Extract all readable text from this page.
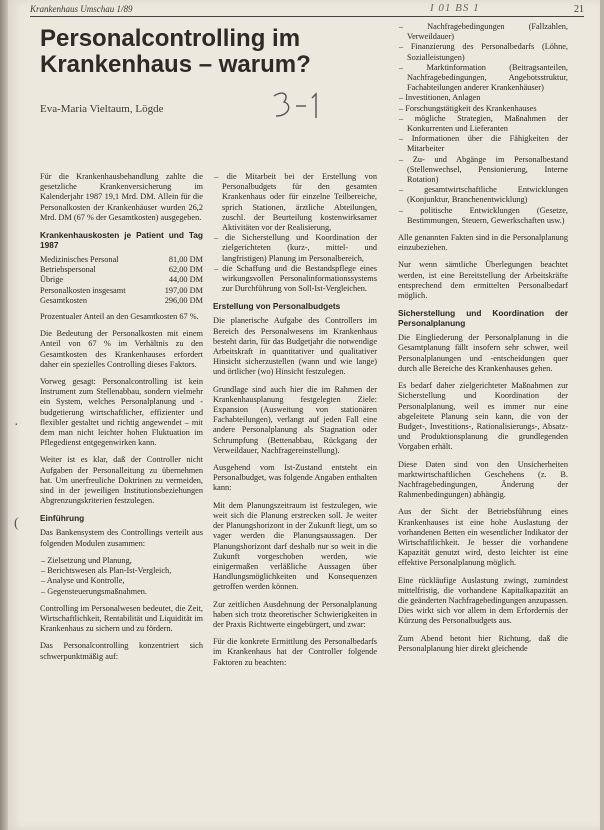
Krankenhaus Umschau 1/89	I 01 BS 1	21
Personalcontrolling im
Krankenhaus – warum?
Eva-Maria Vieltaum, Lögde
(
·

Für die Krankenhausbehandlung zahlte die gesetzliche Krankenversicherung im Kalenderjahr 1987 19,1 Mrd. DM. Allein für die Personalkosten der Krankenhäuser wurden 26,2 Mrd. DM (67 % der Gesamtkosten) ausgegeben.

Krankenhauskosten je Patient und Tag 1987
Medizinisches Personal	81,00 DM
Betriebspersonal	62,00 DM
Übrige	44,00 DM
Personalkosten insgesamt	197,00 DM
Gesamtkosten	296,00 DM

Prozentualer Anteil an den Gesamtkosten 67 %.

Die Bedeutung der Personalkosten mit einem Anteil von 67 % im Verhältnis zu den Gesamtkosten des Krankenhauses erfordert daher ein spezielles Controlling dieses Faktors.

Vorweg gesagt: Personalcontrolling ist kein Instrument zum Stellenabbau, sondern vielmehr ein System, welches Personalplanung und -budgetierung wirtschaftlicher, effizienter und flexibler gestaltet und richtig angewendet – mit dem man nicht leichter hohen Fluktuation im Pflegedienst entgegenwirken kann.

Weiter ist es klar, daß der Controller nicht Aufgaben der Personalleitung zu übernehmen hat. Um unerfreuliche Doktrinen zu vermeiden, sind in der jeweiligen Institutionsbeziehungen Abgrenzungskriterien festzulegen.

Einführung

Das Bankensystem des Controllings verteilt aus folgenden Modulen zusammen:

– Zielsetzung und Planung,
– Berichtswesen als Plan-Ist-Vergleich,
– Analyse und Kontrolle,
– Gegensteuerungsmaßnahmen.

Controlling im Personalwesen bedeutet, die Zeit, Wirtschaftlichkeit, Rentabilität und Liquidität im Krankenhaus zu sichern und zu fördern.

Das Personalcontrolling konzentriert sich schwerpunktmäßig auf:

– die Mitarbeit bei der Erstellung von Personalbudgets für den gesamten Krankenhaus oder für einzelne Teilbereiche, sprich Stationen, ärztliche Abteilungen, zuschl. der Beurteilung kostenwirksamer Aktivitäten vor der Realisierung,
– die Sicherstellung und Koordination der zielgerichteten (kurz-, mittel- und langfristigen) Planung im Personalbereich,
– die Schaffung und die Bestandspflege eines wirkungsvollen Personalinformationssystems zur Durchführung von Soll-Ist-Vergleichen.
Erstellung von Personalbudgets

Die planerische Aufgabe des Controllers im Bereich des Personalwesens im Krankenhaus besteht darin, für das Budgetjahr die notwendige Arbeitskraft in quantitativer und qualitativer Hinsicht sicherzustellen (wann und wie lange) und örtlicher (wo) Hinsicht festzulegen.

Grundlage sind auch hier die im Rahmen der Krankenhausplanung festgelegten Ziele: Expansion (Ausweitung von stationären Fachabteilungen), verlangt auf jeden Fall eine andere Personalplanung als Stagnation oder Schrumpfung (Bettenabbau, Rückgang der Verweildauer, Nachfragereinstellung).

Ausgehend vom Ist-Zustand entsteht ein Personalbudget, was folgende Angaben enthalten kann:

Mit dem Planungszeitraum ist festzulegen, wie weit sich die Planung erstrecken soll. Je weiter der Planungshorizont in der Zukunft liegt, um so vager werden die Planungsaussagen. Der Planungshorizont darf deshalb nur so weit in die Zukunft vorgeschoben werden, wie einigermaßen verläßliche Aussagen über Handlungsmöglichkeiten und Konsequenzen getroffen werden können.

Zur zeitlichen Ausdehnung der Personalplanung haben sich trotz theoretischer Schwierigkeiten in der Praxis Richtwerte eingebürgert, und zwar:

Für die konkrete Ermittlung des Personalbedarfs im Krankenhaus hat der Controller folgende Faktoren zu beachten:

– Nachfragebedingungen (Fallzahlen, Verweildauer)
– Finanzierung des Personalbedarfs (Löhne, Sozialleistungen)
– Marktinformation (Beitragsanteilen, Nachfragebedingungen, Angebotsstruktur, Fachabteilungen anderer Krankenhäuser)
– Investitionen, Anlagen
– Forschungstätigkeit des Krankenhauses
– mögliche Strategien, Maßnahmen der Konkurrenten und Lieferanten
– Informationen über die Fähigkeiten der Mitarbeiter
– Zu- und Abgänge im Personalbestand (Stellenwechsel, Pensionierung, Interne Rotation)
– gesamtwirtschaftliche Entwicklungen (Konjunktur, Branchenentwicklung)
– politische Entwicklungen (Gesetze, Bestimmungen, Steuern, Gewerkschaften usw.)

Alle genannten Fakten sind in die Personalplanung einzubeziehen.

Nur wenn sämtliche Überlegungen beachtet werden, ist eine Bereitstellung der Arbeitskräfte entsprechend dem ermittelten Personalbedarf möglich.

Sicherstellung und Koordination der Personalplanung

Die Eingliederung der Personalplanung in die Gesamtplanung fällt insofern sehr schwer, weil Personalplanungen und -entscheidungen quer durch alle Bereiche des Krankenhauses gehen.

Es bedarf daher zielgerichteter Maßnahmen zur Sicherstellung und Koordination der Personalplanung, weil es immer nur eine abgeleitete Planung sein kann, die von der Budget-, Investitions-, Rationalisierungs-, Absatz- und Produktionsplanung die grundlegenden Vorgaben erhält.

Diese Daten sind von den Unsicherheiten marktwirtschaftlichen Geschehens (z. B. Nachfragebedingungen, Änderung der Rahmenbedingungen) abhängig.

Aus der Sicht der Betriebsführung eines Krankenhauses ist eine hohe Auslastung der vorhandenen Betten ein wesentlicher Indikator der Wirtschaftlichkeit. Je besser die vorhandene Kapazität genutzt wird, desto leichter ist eine effektive Personalplanung möglich.

Eine rückläufige Auslastung zwingt, zumindest mittelfristig, die vorhandene Kapitalkapazität an die geänderten Nachfragebedingungen anzupassen. Dies wirkt sich vor allem in dem Erfordernis der Kürzung des Personalbudgets aus.

Zum Abend betont hier Richtung, daß die Personalplanung hier direkt gleichende
